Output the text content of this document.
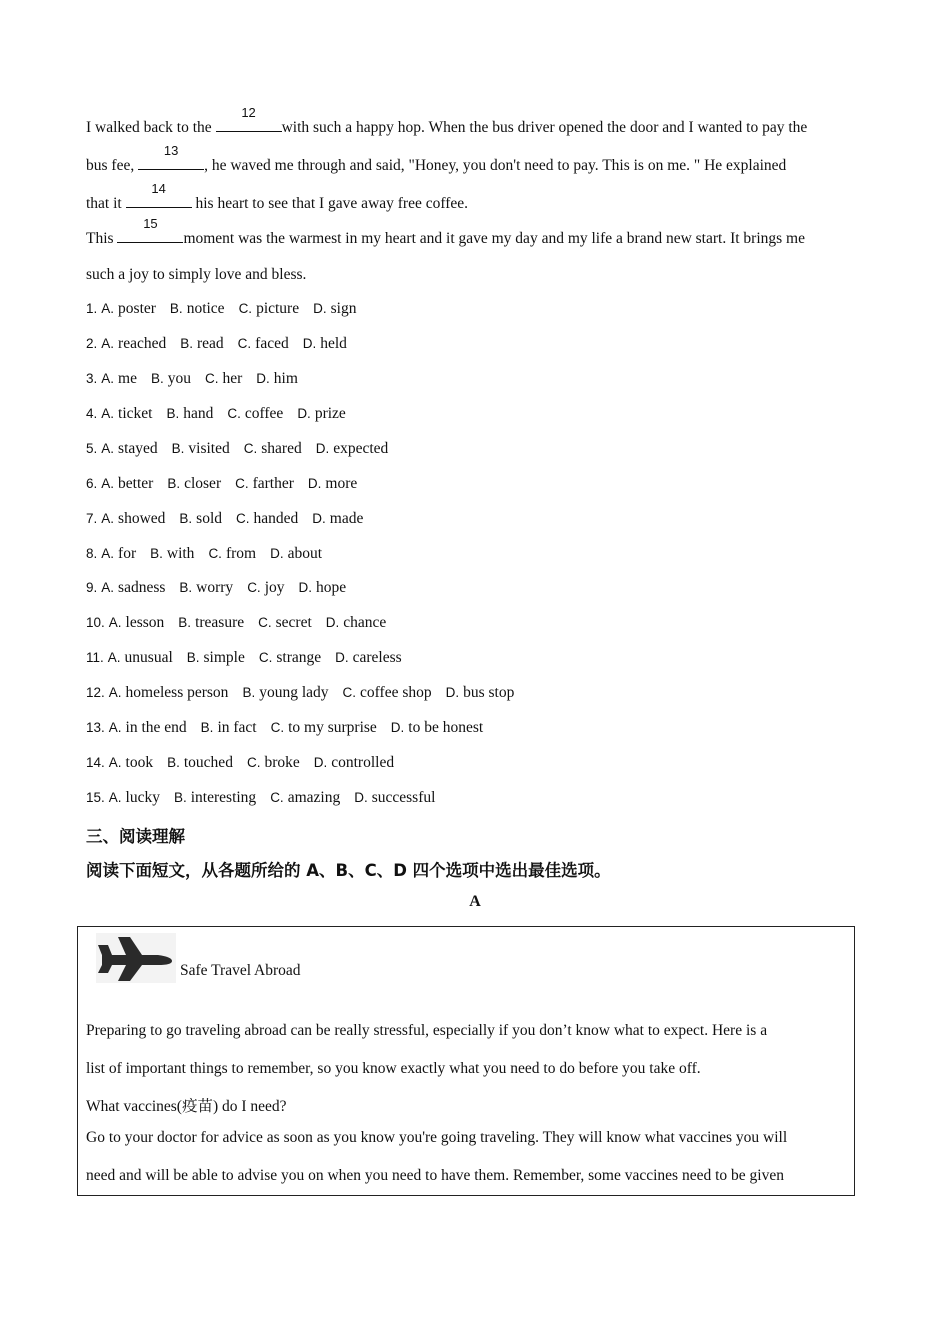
I walked back to the
12
with such a happy hop. When the bus driver opened the door and I wanted to pay the
bus fee,
13
, he waved me through and said, "Honey, you don't need to pay. This is on me. " He explained
that it
14
his heart to see that I gave away free coffee.
This
15
moment was the warmest in my heart and it gave my day and my life a brand new start. It brings me
such a joy to simply love and bless.
1. A. poster B. notice C. picture D. sign
2. A. reached B. read C. faced D. held
3. A. me B. you C. her D. him
4. A. ticket B. hand C. coffee D. prize
5. A. stayed B. visited C. shared D. expected
6. A. better B. closer C. farther D. more
7. A. showed B. sold C. handed D. made
8. A. for B. with C. from D. about
9. A. sadness B. worry C. joy D. hope
10. A. lesson B. treasure C. secret D. chance
11. A. unusual B. simple C. strange D. careless
12. A. homeless person B. young lady C. coffee shop D. bus stop
13. A. in the end B. in fact C. to my surprise D. to be honest
14. A. took B. touched C. broke D. controlled
15. A. lucky B. interesting C. amazing D. successful
三、阅读理解
阅读下面短文，从各题所给的 A、B、C、D 四个选项中选出最佳选项。
A
Safe Travel Abroad
Preparing to go traveling abroad can be really stressful, especially if you don’t know what to expect. Here is a
list of important things to remember, so you know exactly what you need to do before you take off.
What vaccines(疫苗) do I need?
Go to your doctor for advice as soon as you know you're going traveling. They will know what vaccines you will
need and will be able to advise you on when you need to have them. Remember, some vaccines need to be given
